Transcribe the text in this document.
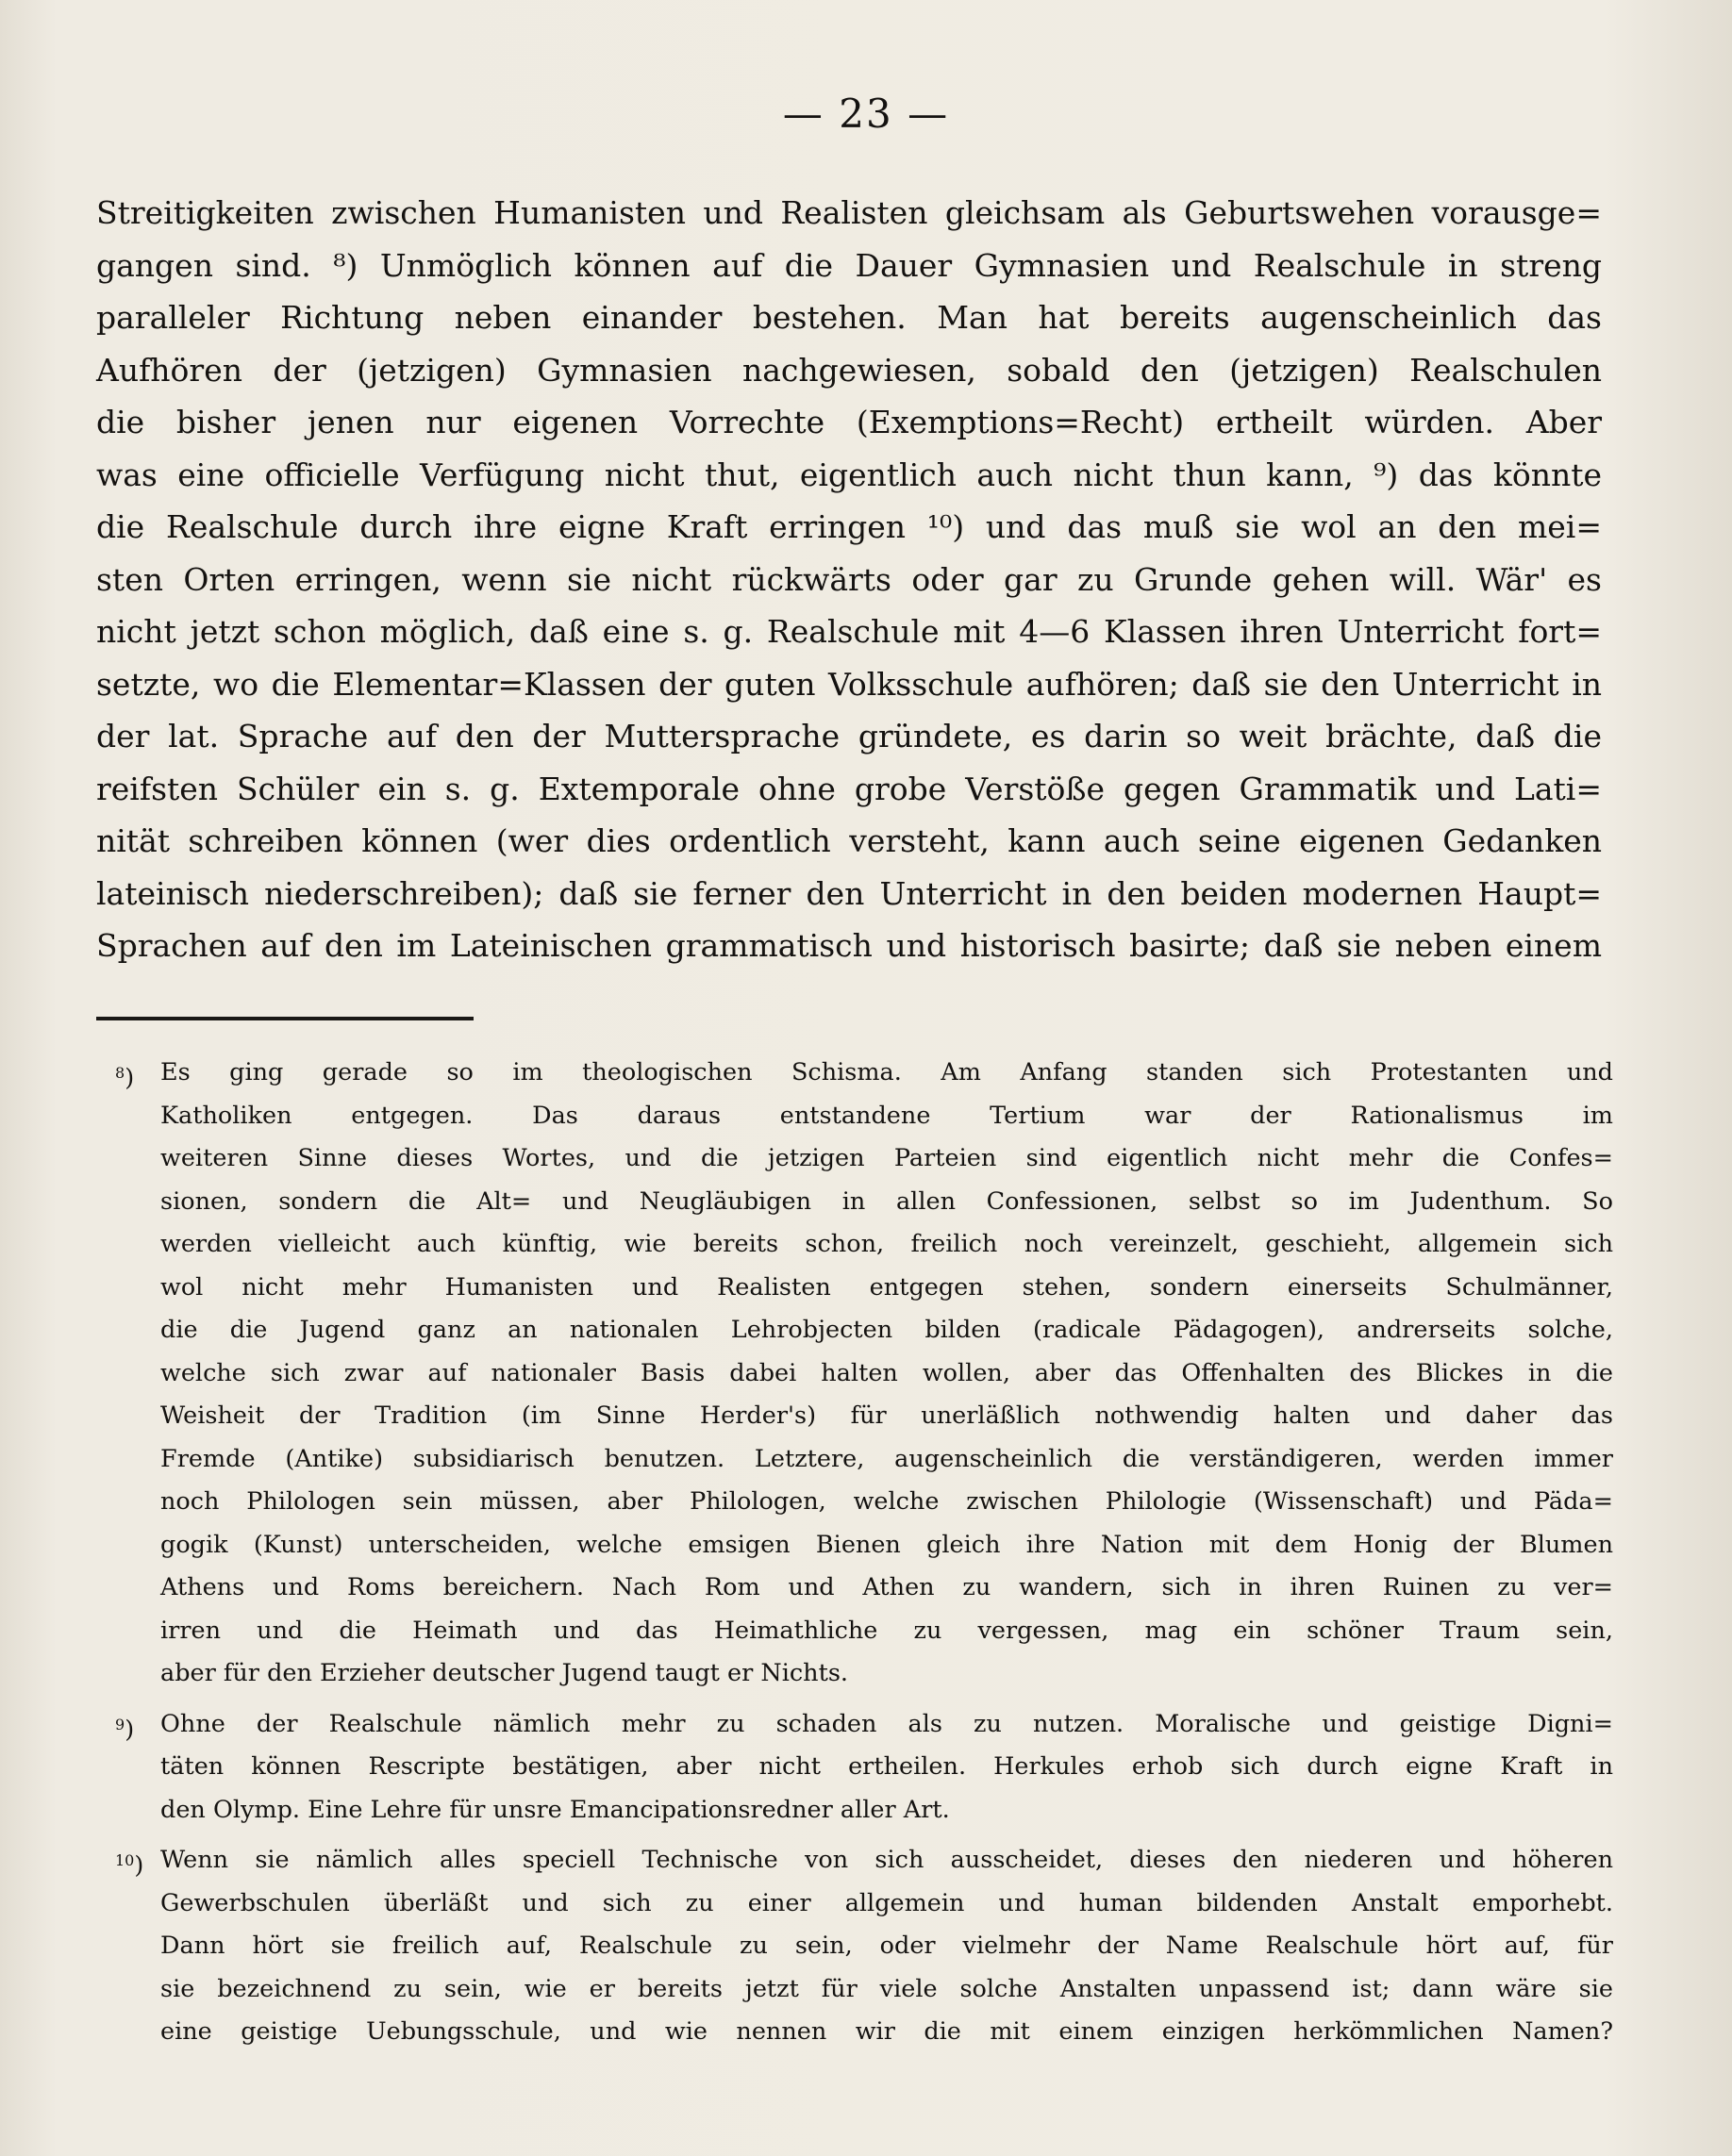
— 23 —
Streitigkeiten zwischen Humanisten und Realisten gleichsam als Geburtswehen vorausge=
gangen sind. ⁸) Unmöglich können auf die Dauer Gymnasien und Realschule in streng
paralleler Richtung neben einander bestehen. Man hat bereits augenscheinlich das
Aufhören der (jetzigen) Gymnasien nachgewiesen, sobald den (jetzigen) Realschulen
die bisher jenen nur eigenen Vorrechte (Exemptions=Recht) ertheilt würden. Aber
was eine officielle Verfügung nicht thut, eigentlich auch nicht thun kann, ⁹) das könnte
die Realschule durch ihre eigne Kraft erringen ¹⁰) und das muß sie wol an den mei=
sten Orten erringen, wenn sie nicht rückwärts oder gar zu Grunde gehen will. Wär' es
nicht jetzt schon möglich, daß eine s. g. Realschule mit 4—6 Klassen ihren Unterricht fort=
setzte, wo die Elementar=Klassen der guten Volksschule aufhören; daß sie den Unterricht in
der lat. Sprache auf den der Muttersprache gründete, es darin so weit brächte, daß die
reifsten Schüler ein s. g. Extemporale ohne grobe Verstöße gegen Grammatik und Lati=
nität schreiben können (wer dies ordentlich versteht, kann auch seine eigenen Gedanken
lateinisch niederschreiben); daß sie ferner den Unterricht in den beiden modernen Haupt=
Sprachen auf den im Lateinischen grammatisch und historisch basirte; daß sie neben einem
$^8$) Es ging gerade so im theologischen Schisma. Am Anfang standen sich Protestanten und
Katholiken entgegen. Das daraus entstandene Tertium war der Rationalismus im
weiteren Sinne dieses Wortes, und die jetzigen Parteien sind eigentlich nicht mehr die Confes=
sionen, sondern die Alt= und Neugläubigen in allen Confessionen, selbst so im Judenthum. So
werden vielleicht auch künftig, wie bereits schon, freilich noch vereinzelt, geschieht, allgemein sich
wol nicht mehr Humanisten und Realisten entgegen stehen, sondern einerseits Schulmänner,
die die Jugend ganz an nationalen Lehrobjecten bilden (radicale Pädagogen), andrerseits solche,
welche sich zwar auf nationaler Basis dabei halten wollen, aber das Offenhalten des Blickes in die
Weisheit der Tradition (im Sinne Herder's) für unerläßlich nothwendig halten und daher das
Fremde (Antike) subsidiarisch benutzen. Letztere, augenscheinlich die verständigeren, werden immer
noch Philologen sein müssen, aber Philologen, welche zwischen Philologie (Wissenschaft) und Päda=
gogik (Kunst) unterscheiden, welche emsigen Bienen gleich ihre Nation mit dem Honig der Blumen
Athens und Roms bereichern. Nach Rom und Athen zu wandern, sich in ihren Ruinen zu ver=
irren und die Heimath und das Heimathliche zu vergessen, mag ein schöner Traum sein,
aber für den Erzieher deutscher Jugend taugt er Nichts.
$^9$) Ohne der Realschule nämlich mehr zu schaden als zu nutzen. Moralische und geistige Digni=
täten können Rescripte bestätigen, aber nicht ertheilen. Herkules erhob sich durch eigne Kraft in
den Olymp. Eine Lehre für unsre Emancipationsredner aller Art.
$^{10}$) Wenn sie nämlich alles speciell Technische von sich ausscheidet, dieses den niederen und höheren
Gewerbschulen überläßt und sich zu einer allgemein und human bildenden Anstalt emporhebt.
Dann hört sie freilich auf, Realschule zu sein, oder vielmehr der Name Realschule hört auf, für
sie bezeichnend zu sein, wie er bereits jetzt für viele solche Anstalten unpassend ist; dann wäre sie
eine geistige Uebungsschule, und wie nennen wir die mit einem einzigen herkömmlichen Namen?
